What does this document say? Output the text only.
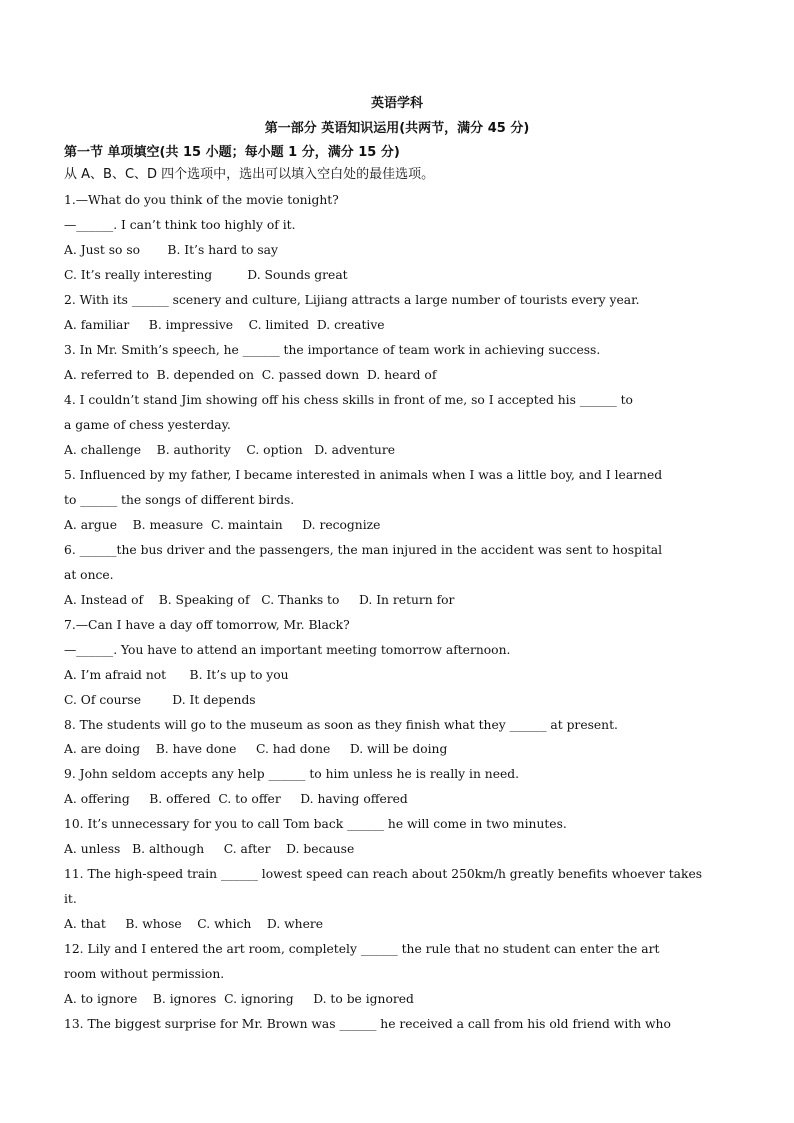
英语学科
第一部分 英语知识运用(共两节，满分 45 分)
第一节 单项填空(共 15 小题；每小题 1 分，满分 15 分)
从 A、B、C、D 四个选项中，选出可以填入空白处的最佳选项。
1.—What do you think of the movie tonight?
—______. I can’t think too highly of it.
A. Just so so       B. It’s hard to say
C. It’s really interesting         D. Sounds great
2. With its ______ scenery and culture, Lijiang attracts a large number of tourists every year.
A. familiar     B. impressive    C. limited  D. creative
3. In Mr. Smith’s speech, he ______ the importance of team work in achieving success.
A. referred to  B. depended on  C. passed down  D. heard of
4. I couldn’t stand Jim showing off his chess skills in front of me, so I accepted his ______ to
a game of chess yesterday.
A. challenge    B. authority    C. option   D. adventure
5. Influenced by my father, I became interested in animals when I was a little boy, and I learned
to ______ the songs of different birds.
A. argue    B. measure  C. maintain     D. recognize
6. ______the bus driver and the passengers, the man injured in the accident was sent to hospital
at once.
A. Instead of    B. Speaking of   C. Thanks to     D. In return for
7.—Can I have a day off tomorrow, Mr. Black?
—______. You have to attend an important meeting tomorrow afternoon.
A. I’m afraid not      B. It’s up to you
C. Of course        D. It depends
8. The students will go to the museum as soon as they finish what they ______ at present.
A. are doing    B. have done     C. had done     D. will be doing
9. John seldom accepts any help ______ to him unless he is really in need.
A. offering     B. offered  C. to offer     D. having offered
10. It’s unnecessary for you to call Tom back ______ he will come in two minutes.
A. unless   B. although     C. after    D. because
11. The high-speed train ______ lowest speed can reach about 250km/h greatly benefits whoever takes
it.
A. that     B. whose    C. which    D. where
12. Lily and I entered the art room, completely ______ the rule that no student can enter the art
room without permission.
A. to ignore    B. ignores  C. ignoring     D. to be ignored
13. The biggest surprise for Mr. Brown was ______ he received a call from his old friend with who
